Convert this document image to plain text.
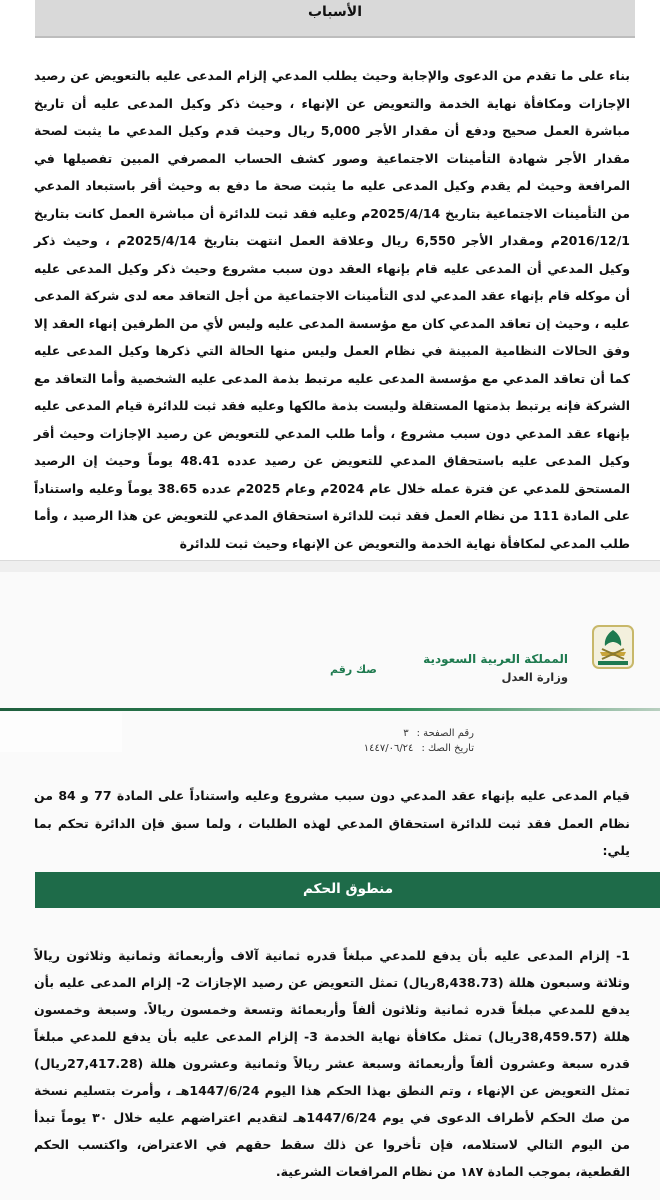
الأسباب
بناء على ما تقدم من الدعوى والإجابة وحيث يطلب المدعي إلزام المدعى عليه بالتعويض عن رصيد الإجازات ومكافأة نهاية الخدمة والتعويض عن الإنهاء ، وحيث ذكر وكيل المدعى عليه أن تاريخ مباشرة العمل صحيح ودفع أن مقدار الأجر 5,000 ريال وحيث قدم وكيل المدعي ما يثبت لصحة مقدار الأجر شهادة التأمينات الاجتماعية وصور كشف الحساب المصرفي المبين تفصيلها في المرافعة وحيث لم يقدم وكيل المدعى عليه ما يثبت صحة ما دفع به وحيث أقر باستبعاد المدعي من التأمينات الاجتماعية بتاريخ 2025/4/14م وعليه فقد ثبت للدائرة أن مباشرة العمل كانت بتاريخ 2016/12/1م ومقدار الأجر 6,550 ريال وعلاقة العمل انتهت بتاريخ 2025/4/14م ، وحيث ذكر وكيل المدعي أن المدعى عليه قام بإنهاء العقد دون سبب مشروع وحيث ذكر وكيل المدعى عليه أن موكله قام بإنهاء عقد المدعي لدى التأمينات الاجتماعية من أجل التعاقد معه لدى شركة المدعى عليه ، وحيث إن تعاقد المدعي كان مع مؤسسة المدعى عليه وليس لأي من الطرفين إنهاء العقد إلا وفق الحالات النظامية المبينة في نظام العمل وليس منها الحالة التي ذكرها وكيل المدعى عليه كما أن تعاقد المدعي مع مؤسسة المدعى عليه مرتبط بذمة المدعى عليه الشخصية وأما التعاقد مع الشركة فإنه يرتبط بذمتها المستقلة وليست بذمة مالكها وعليه فقد ثبت للدائرة قيام المدعى عليه بإنهاء عقد المدعي دون سبب مشروع ، وأما طلب المدعي للتعويض عن رصيد الإجازات وحيث أقر وكيل المدعى عليه باستحقاق المدعي للتعويض عن رصيد عدده 48.41 يوماً وحيث إن الرصيد المستحق للمدعي عن فترة عمله خلال عام 2024م وعام 2025م عدده 38.65 يوماً وعليه واستناداً على المادة 111 من نظام العمل فقد ثبت للدائرة استحقاق المدعي للتعويض عن هذا الرصيد ، وأما طلب المدعي لمكافأة نهاية الخدمة والتعويض عن الإنهاء وحيث ثبت للدائرة
المملكة العربية السعودية
وزارة العدل
صك رقم
رقم الصفحة :٣
تاريخ الصك :١٤٤٧/٠٦/٢٤
قيام المدعى عليه بإنهاء عقد المدعي دون سبب مشروع وعليه واستناداً على المادة 77 و 84 من نظام العمل فقد ثبت للدائرة استحقاق المدعي لهذه الطلبات ، ولما سبق فإن الدائرة تحكم بما يلي:
منطوق الحكم
1- إلزام المدعى عليه بأن يدفع للمدعي مبلغاً قدره ثمانية آلاف وأربعمائة وثمانية وثلاثون ريالاً وثلاثة وسبعون هللة (8,438.73ريال) تمثل التعويض عن رصيد الإجازات 2- إلزام المدعى عليه بأن يدفع للمدعي مبلغاً قدره ثمانية وثلاثون ألفاً وأربعمائة وتسعة وخمسون ريالاً. وسبعة وخمسون هللة (38,459.57ريال) تمثل مكافأة نهاية الخدمة 3- إلزام المدعى عليه بأن يدفع للمدعي مبلغاً قدره سبعة وعشرون ألفاً وأربعمائة وسبعة عشر ريالاً وثمانية وعشرون هللة (27,417.28ريال) تمثل التعويض عن الإنهاء ، وتم النطق بهذا الحكم هذا اليوم 1447/6/24هـ ، وأمرت بتسليم نسخة من صك الحكم لأطراف الدعوى في يوم 1447/6/24هـ لتقديم اعتراضهم عليه خلال ٣٠ يوماً تبدأ من اليوم التالي لاستلامه، فإن تأخروا عن ذلك سقط حقهم في الاعتراض، واكتسب الحكم القطعية، بموجب المادة ١٨٧ من نظام المرافعات الشرعية.
